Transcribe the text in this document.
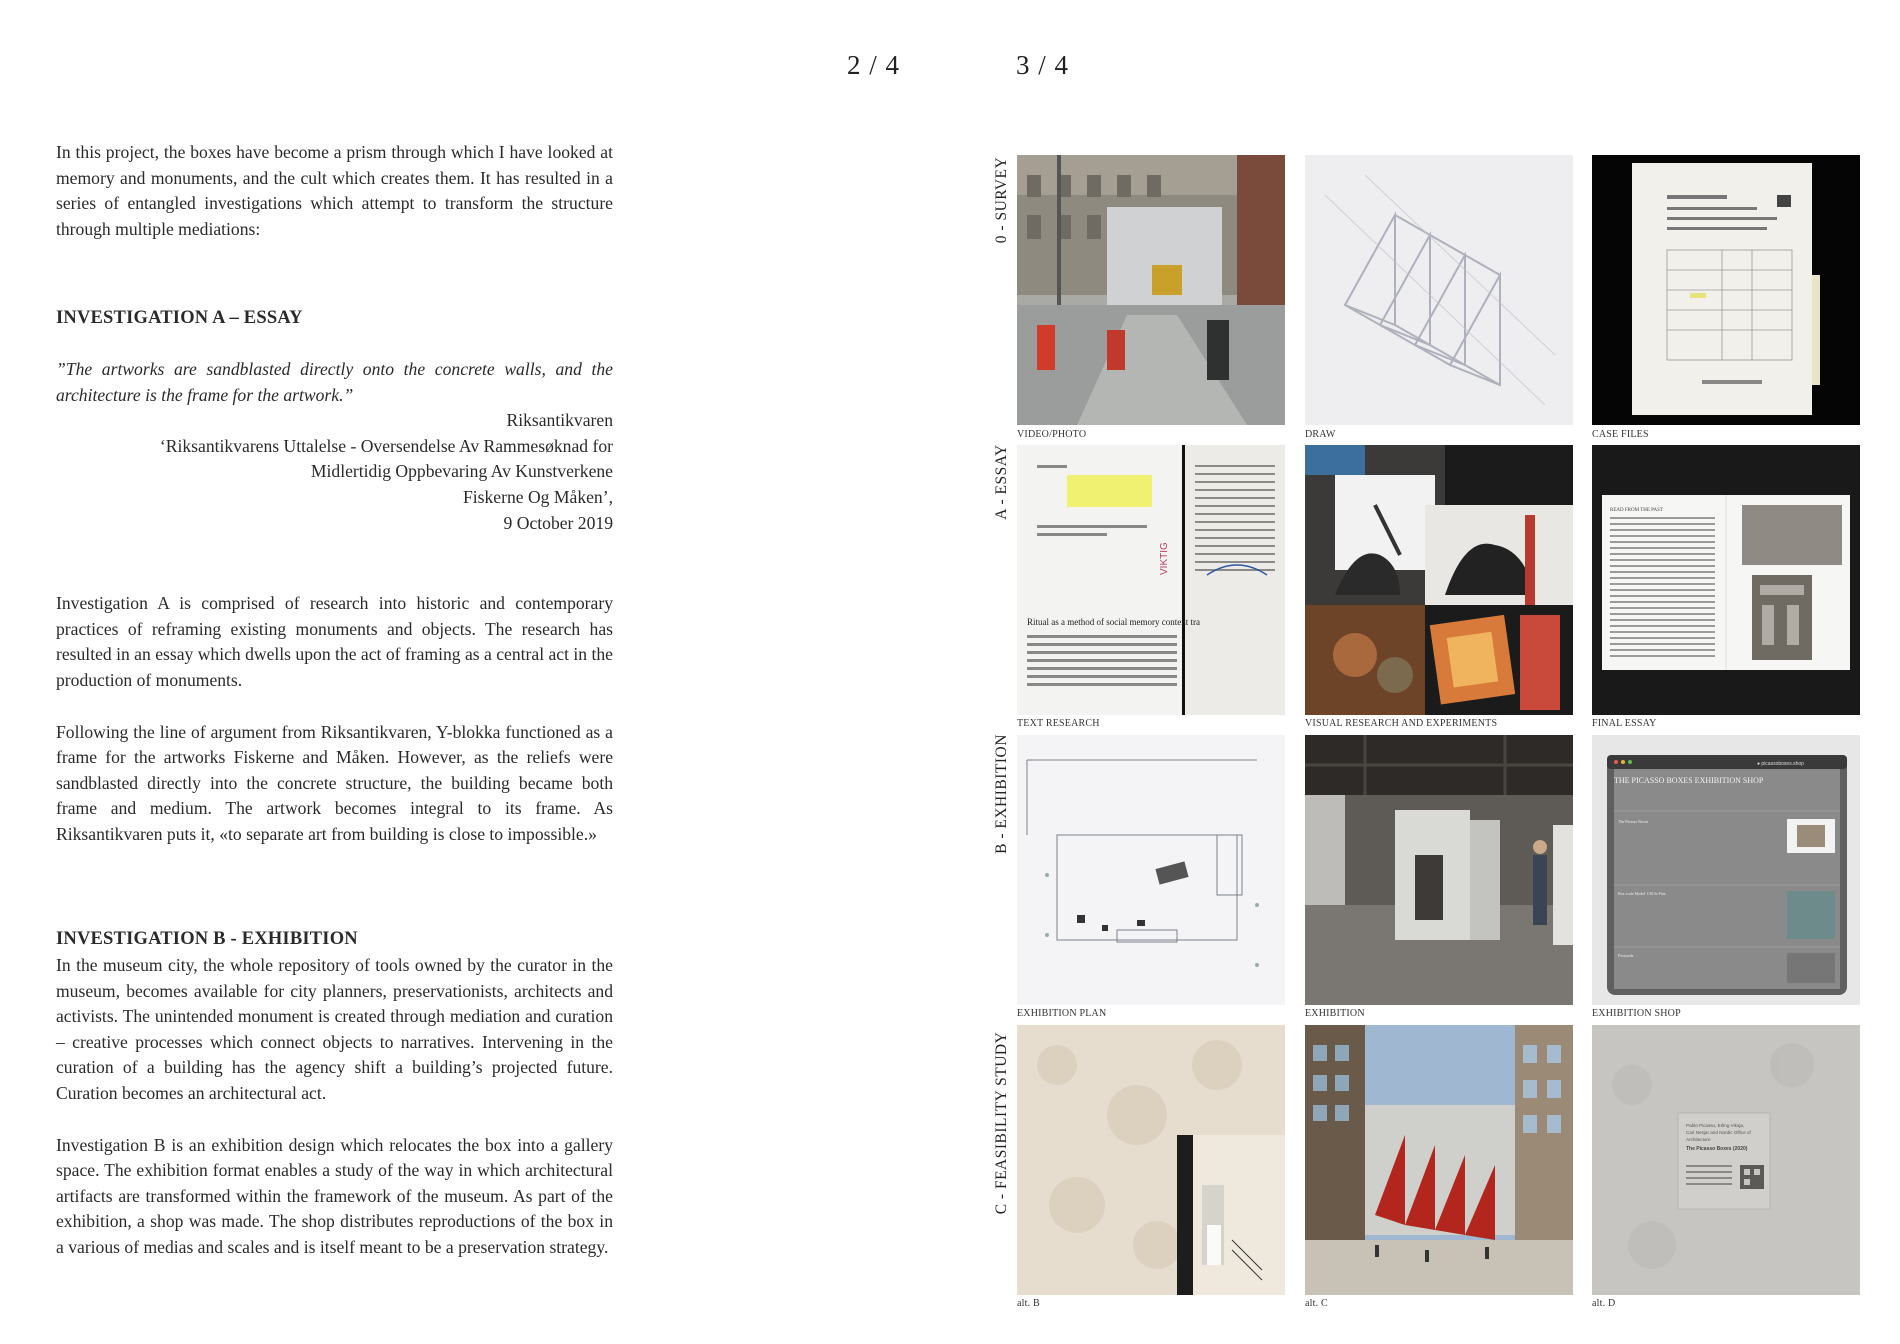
2 / 4	3 / 4

In this project, the boxes have become a prism through which I have looked at memory and monuments, and the cult which creates them. It has resulted in a series of entangled investigations which attempt to transform the structure through multiple mediations:

INVESTIGATION A – ESSAY

”The artworks are sandblasted directly onto the concrete walls, and the architecture is the frame for the artwork.”

Riksantikvaren
‘Riksantikvarens Uttalelse - Oversendelse Av Rammesøknad for
Midlertidig Oppbevaring Av Kunstverkene
Fiskerne Og Måken’,
9 October 2019

Investigation A is comprised of research into historic and contemporary practices of reframing existing monuments and objects. The research has resulted in an essay which dwells upon the act of framing as a central act in the production of monuments.

Following the line of argument from Riksantikvaren, Y-blokka functioned as a frame for the artworks Fiskerne and Måken. However, as the reliefs were sandblasted directly into the concrete structure, the building became both frame and medium. The artwork becomes integral to its frame. As Riksantikvaren puts it, «to separate art from building is close to impossible.»

INVESTIGATION B - EXHIBITION

In the museum city, the whole repository of tools owned by the curator in the museum, becomes available for city planners, preservationists, architects and activists. The unintended monument is created through mediation and curation – creative processes which connect objects to narratives. Intervening in the curation of a building has the agency shift a building’s projected future. Curation becomes an architectural act.

Investigation B is an exhibition design which relocates the box into a gallery space. The exhibition format enables a study of the way in which architectural artifacts are transformed within the framework of the museum. As part of the exhibition, a shop was made. The shop distributes reproductions of the box in a various of medias and scales and is itself meant to be a preservation strategy.

0 - SURVEY
A - ESSAY
B - EXHIBITION
C - FEASIBILITY STUDY
VIDEO/PHOTO	DRAW	CASE FILES
Ritual as a method of social memory content tra
VIKTIG
TEXT RESEARCH	VISUAL RESEARCH AND EXPERIMENTS
READ FROM THE PAST
FINAL ESSAY
EXHIBITION PLAN	EXHIBITION
● picassoboxes.shop
THE PICASSO BOXES EXHIBITION SHOP
The Picasso Boxes
Box scale Model 1:50 In Pine
Postcards
EXHIBITION SHOP
alt. B	alt. C
Pablo Picasso, Erling Viksjø,
Carl Nesjar and Nordic Office of
Architecture
The Picasso Boxes (2020)
alt. D
